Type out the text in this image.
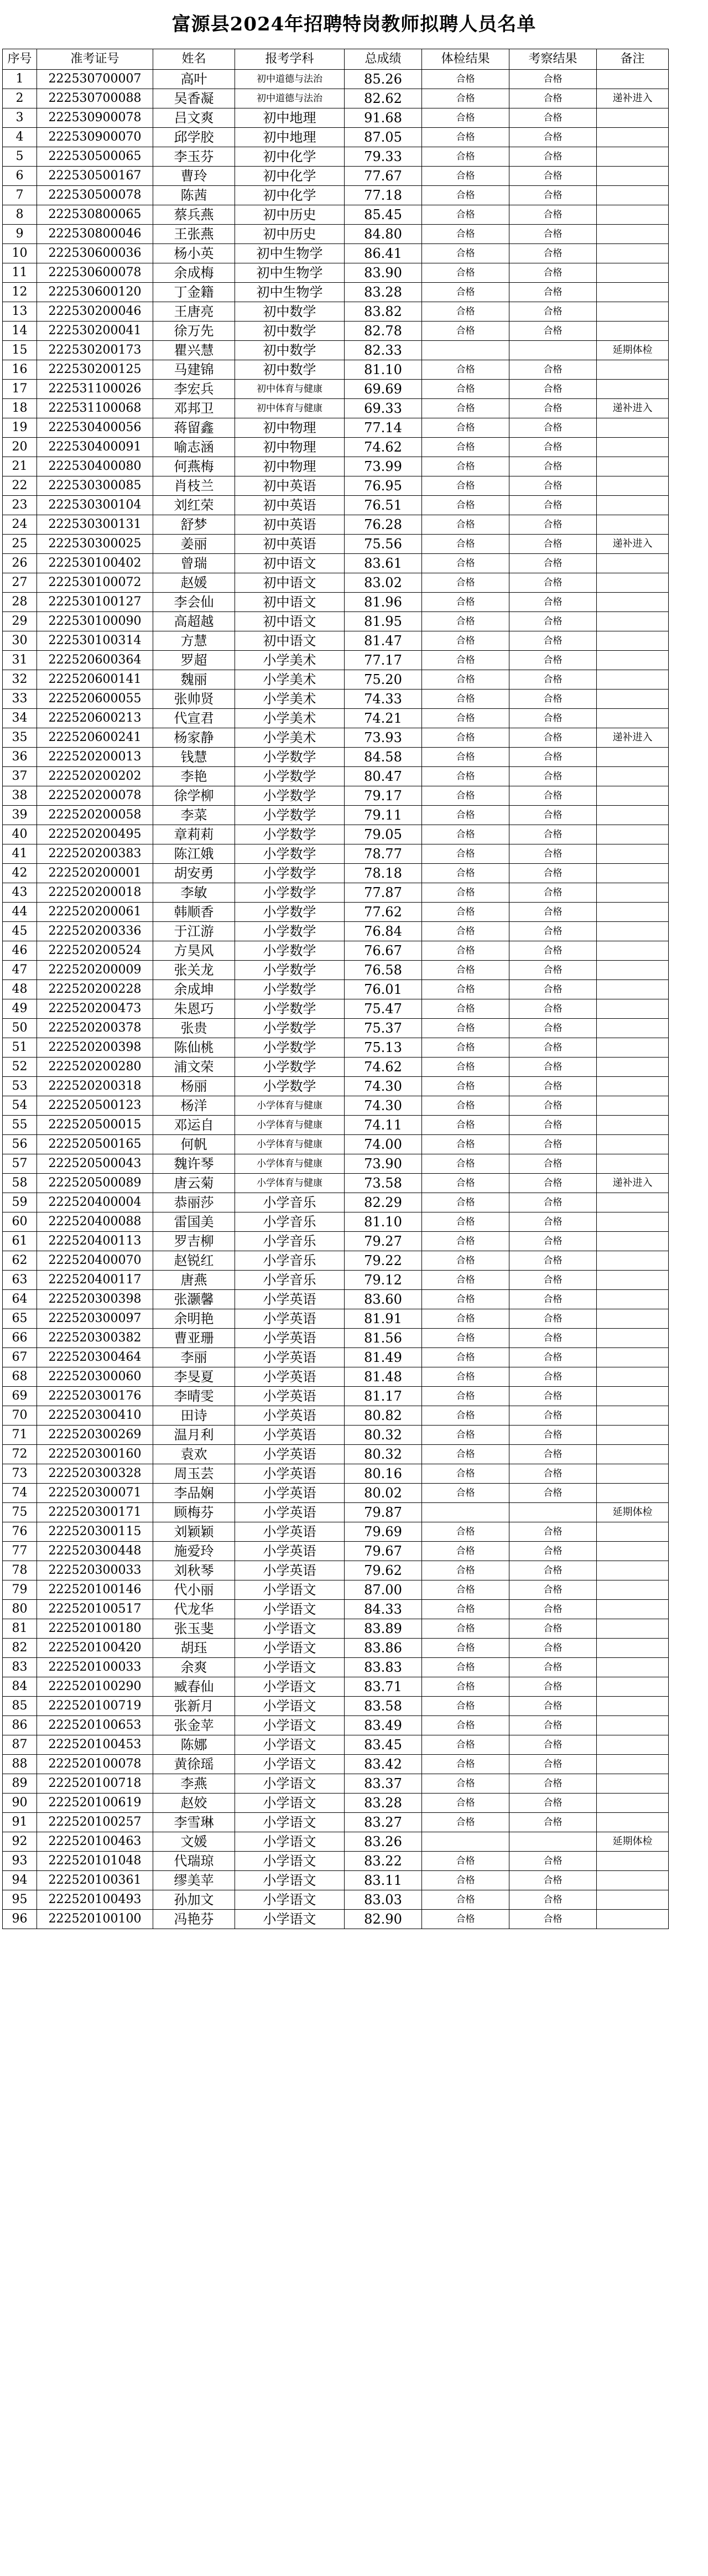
富源县2024年招聘特岗教师拟聘人员名单
序号	准考证号	姓名	报考学科	总成绩	体检结果	考察结果	备注
1	222530700007	高叶	初中道德与法治	85.26	合格	合格	
2	222530700088	吴香凝	初中道德与法治	82.62	合格	合格	递补进入
3	222530900078	吕文爽	初中地理	91.68	合格	合格	
4	222530900070	邱学胶	初中地理	87.05	合格	合格	
5	222530500065	李玉芬	初中化学	79.33	合格	合格	
6	222530500167	曹玲	初中化学	77.67	合格	合格	
7	222530500078	陈茜	初中化学	77.18	合格	合格	
8	222530800065	蔡兵燕	初中历史	85.45	合格	合格	
9	222530800046	王张燕	初中历史	84.80	合格	合格	
10	222530600036	杨小英	初中生物学	86.41	合格	合格	
11	222530600078	余成梅	初中生物学	83.90	合格	合格	
12	222530600120	丁金籍	初中生物学	83.28	合格	合格	
13	222530200046	王唐亮	初中数学	83.82	合格	合格	
14	222530200041	徐万先	初中数学	82.78	合格	合格	
15	222530200173	瞿兴慧	初中数学	82.33			延期体检
16	222530200125	马建锦	初中数学	81.10	合格	合格	
17	222531100026	李宏兵	初中体育与健康	69.69	合格	合格	
18	222531100068	邓邦卫	初中体育与健康	69.33	合格	合格	递补进入
19	222530400056	蒋留鑫	初中物理	77.14	合格	合格	
20	222530400091	喻志涵	初中物理	74.62	合格	合格	
21	222530400080	何燕梅	初中物理	73.99	合格	合格	
22	222530300085	肖枝兰	初中英语	76.95	合格	合格	
23	222530300104	刘红荣	初中英语	76.51	合格	合格	
24	222530300131	舒梦	初中英语	76.28	合格	合格	
25	222530300025	姜丽	初中英语	75.56	合格	合格	递补进入
26	222530100402	曾瑞	初中语文	83.61	合格	合格	
27	222530100072	赵媛	初中语文	83.02	合格	合格	
28	222530100127	李会仙	初中语文	81.96	合格	合格	
29	222530100090	高超越	初中语文	81.95	合格	合格	
30	222530100314	方慧	初中语文	81.47	合格	合格	
31	222520600364	罗超	小学美术	77.17	合格	合格	
32	222520600141	魏丽	小学美术	75.20	合格	合格	
33	222520600055	张帅贤	小学美术	74.33	合格	合格	
34	222520600213	代宣君	小学美术	74.21	合格	合格	
35	222520600241	杨家静	小学美术	73.93	合格	合格	递补进入
36	222520200013	钱慧	小学数学	84.58	合格	合格	
37	222520200202	李艳	小学数学	80.47	合格	合格	
38	222520200078	徐学柳	小学数学	79.17	合格	合格	
39	222520200058	李菜	小学数学	79.11	合格	合格	
40	222520200495	章莉莉	小学数学	79.05	合格	合格	
41	222520200383	陈江娥	小学数学	78.77	合格	合格	
42	222520200001	胡安勇	小学数学	78.18	合格	合格	
43	222520200018	李敏	小学数学	77.87	合格	合格	
44	222520200061	韩顺香	小学数学	77.62	合格	合格	
45	222520200336	于江游	小学数学	76.84	合格	合格	
46	222520200524	方昊风	小学数学	76.67	合格	合格	
47	222520200009	张关龙	小学数学	76.58	合格	合格	
48	222520200228	余成坤	小学数学	76.01	合格	合格	
49	222520200473	朱恩巧	小学数学	75.47	合格	合格	
50	222520200378	张贵	小学数学	75.37	合格	合格	
51	222520200398	陈仙桃	小学数学	75.13	合格	合格	
52	222520200280	浦文荣	小学数学	74.62	合格	合格	
53	222520200318	杨丽	小学数学	74.30	合格	合格	
54	222520500123	杨洋	小学体育与健康	74.30	合格	合格	
55	222520500015	邓运自	小学体育与健康	74.11	合格	合格	
56	222520500165	何帆	小学体育与健康	74.00	合格	合格	
57	222520500043	魏许琴	小学体育与健康	73.90	合格	合格	
58	222520500089	唐云菊	小学体育与健康	73.58	合格	合格	递补进入
59	222520400004	恭丽莎	小学音乐	82.29	合格	合格	
60	222520400088	雷国美	小学音乐	81.10	合格	合格	
61	222520400113	罗吉柳	小学音乐	79.27	合格	合格	
62	222520400070	赵锐红	小学音乐	79.22	合格	合格	
63	222520400117	唐燕	小学音乐	79.12	合格	合格	
64	222520300398	张灏馨	小学英语	83.60	合格	合格	
65	222520300097	余明艳	小学英语	81.91	合格	合格	
66	222520300382	曹亚珊	小学英语	81.56	合格	合格	
67	222520300464	李丽	小学英语	81.49	合格	合格	
68	222520300060	李旻夏	小学英语	81.48	合格	合格	
69	222520300176	李晴雯	小学英语	81.17	合格	合格	
70	222520300410	田诗	小学英语	80.82	合格	合格	
71	222520300269	温月利	小学英语	80.32	合格	合格	
72	222520300160	袁欢	小学英语	80.32	合格	合格	
73	222520300328	周玉芸	小学英语	80.16	合格	合格	
74	222520300071	李品娴	小学英语	80.02	合格	合格	
75	222520300171	顾梅芬	小学英语	79.87			延期体检
76	222520300115	刘颖颖	小学英语	79.69	合格	合格	
77	222520300448	施爱玲	小学英语	79.67	合格	合格	
78	222520300033	刘秋琴	小学英语	79.62	合格	合格	
79	222520100146	代小丽	小学语文	87.00	合格	合格	
80	222520100517	代龙华	小学语文	84.33	合格	合格	
81	222520100180	张玉斐	小学语文	83.89	合格	合格	
82	222520100420	胡珏	小学语文	83.86	合格	合格	
83	222520100033	余爽	小学语文	83.83	合格	合格	
84	222520100290	臧春仙	小学语文	83.71	合格	合格	
85	222520100719	张新月	小学语文	83.58	合格	合格	
86	222520100653	张金苹	小学语文	83.49	合格	合格	
87	222520100453	陈娜	小学语文	83.45	合格	合格	
88	222520100078	黄徐瑶	小学语文	83.42	合格	合格	
89	222520100718	李燕	小学语文	83.37	合格	合格	
90	222520100619	赵姣	小学语文	83.28	合格	合格	
91	222520100257	李雪琳	小学语文	83.27	合格	合格	
92	222520100463	文媛	小学语文	83.26			延期体检
93	222520101048	代瑞琼	小学语文	83.22	合格	合格	
94	222520100361	缪美苹	小学语文	83.11	合格	合格	
95	222520100493	孙加文	小学语文	83.03	合格	合格	
96	222520100100	冯艳芬	小学语文	82.90	合格	合格	
